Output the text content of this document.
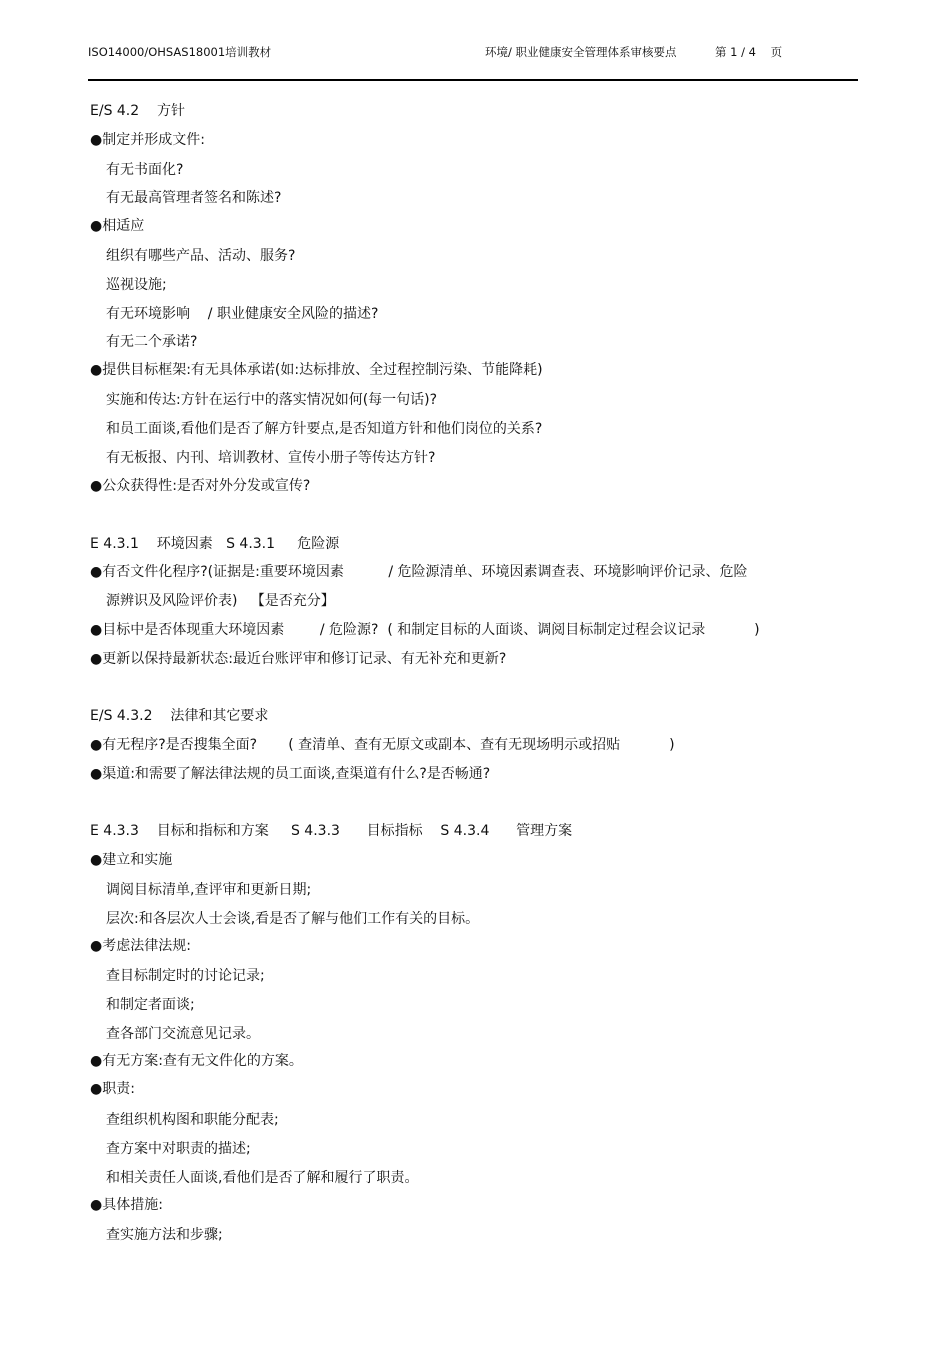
ISO14000/OHSAS18001培训教材	环境/ 职业健康安全管理体系审核要点	第 1 / 4    页
E/S 4.2    方针
●制定并形成文件:
有无书面化?
有无最高管理者签名和陈述?
●相适应
组织有哪些产品、活动、服务?
巡视设施;
有无环境影响    / 职业健康安全风险的描述?
有无二个承诺?
●提供目标框架:有无具体承诺(如:达标排放、全过程控制污染、节能降耗)
实施和传达:方针在运行中的落实情况如何(每一句话)?
和员工面谈,看他们是否了解方针要点,是否知道方针和他们岗位的关系?
有无板报、内刊、培训教材、宣传小册子等传达方针?
●公众获得性:是否对外分发或宣传?
E 4.3.1    环境因素   S 4.3.1     危险源
●有否文件化程序?(证据是:重要环境因素          / 危险源清单、环境因素调查表、环境影响评价记录、危险
源辨识及风险评价表)   【是否充分】
●目标中是否体现重大环境因素        / 危险源?  ( 和制定目标的人面谈、调阅目标制定过程会议记录           )
●更新以保持最新状态:最近台账评审和修订记录、有无补充和更新?
E/S 4.3.2    法律和其它要求
●有无程序?是否搜集全面?       ( 查清单、查有无原文或副本、查有无现场明示或招贴           )
●渠道:和需要了解法律法规的员工面谈,查渠道有什么?是否畅通?
E 4.3.3    目标和指标和方案     S 4.3.3      目标指标    S 4.3.4      管理方案
●建立和实施
调阅目标清单,查评审和更新日期;
层次:和各层次人士会谈,看是否了解与他们工作有关的目标。
●考虑法律法规:
查目标制定时的讨论记录;
和制定者面谈;
查各部门交流意见记录。
●有无方案:查有无文件化的方案。
●职责:
查组织机构图和职能分配表;
查方案中对职责的描述;
和相关责任人面谈,看他们是否了解和履行了职责。
●具体措施:
查实施方法和步骤;
